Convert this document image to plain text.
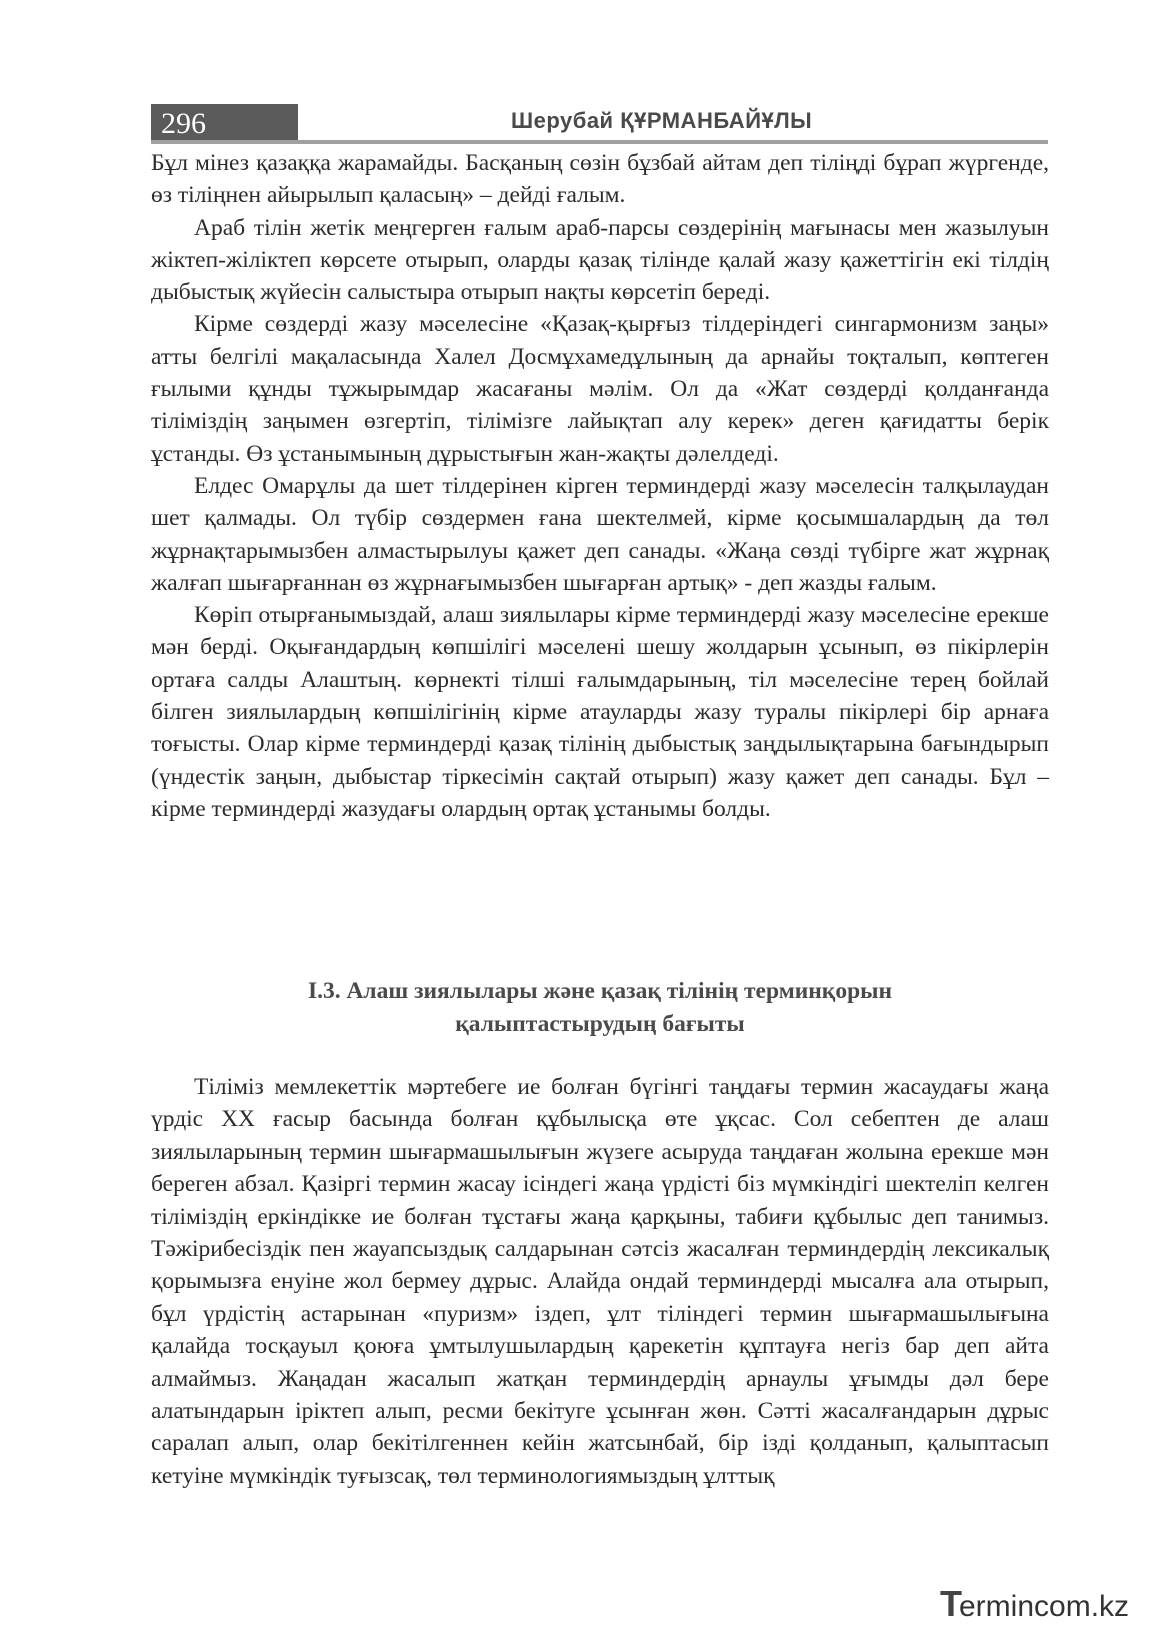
296	Шерубай ҚҰРМАНБАЙҰЛЫ

Бұл мінез қазаққа жарамайды. Басқаның сөзін бұзбай айтам деп тіліңді бұрап жүргенде, өз тіліңнен айырылып қаласың» – дейді ғалым.

Араб тілін жетік меңгерген ғалым араб-парсы сөздерінің мағынасы мен жазылуын жіктеп-жіліктеп көрсете отырып, оларды қазақ тілінде қалай жазу қажеттігін екі тілдің дыбыстық жүйесін салыстыра отырып нақты көрсетіп береді.

Кірме сөздерді жазу мәселесіне «Қазақ-қырғыз тілдеріндегі сингармонизм заңы» атты белгілі мақаласында Халел Досмұхамедұлының да арнайы тоқталып, көптеген ғылыми құнды тұжырымдар жасағаны мәлім. Ол да «Жат сөздерді қолданғанда тіліміздің заңымен өзгертіп, тілімізге лайықтап алу керек» деген қағидатты берік ұстанды. Өз ұстанымының дұрыстығын жан-жақты дәлелдеді.

Елдес Омарұлы да шет тілдерінен кірген терминдерді жазу мәселесін талқылаудан шет қалмады. Ол түбір сөздермен ғана шектелмей, кірме қосымшалардың да төл жұрнақтарымызбен алмастырылуы қажет деп санады. «Жаңа сөзді түбірге жат жұрнақ жалғап шығарғаннан өз жұрнағымызбен шығарған артық» - деп жазды ғалым.

Көріп отырғанымыздай, алаш зиялылары кірме терминдерді жазу мәселесіне ерекше мән берді. Оқығандардың көпшілігі мәселені шешу жолдарын ұсынып, өз пікірлерін ортаға салды Алаштың. көрнекті тілші ғалымдарының, тіл мәселесіне терең бойлай білген зиялылардың көпшілігінің кірме атауларды жазу туралы пікірлері бір арнаға тоғысты. Олар кірме терминдерді қазақ тілінің дыбыстық заңдылықтарына бағындырып (үндестік заңын, дыбыстар тіркесімін сақтай отырып) жазу қажет деп санады. Бұл – кірме терминдерді жазудағы олардың ортақ ұстанымы болды.

І.3. Алаш зиялылары және қазақ тілінің терминқорын
қалыптастырудың бағыты

Тіліміз мемлекеттік мәртебеге ие болған бүгінгі таңдағы термин жасаудағы жаңа үрдіс ХХ ғасыр басында болған құбылысқа өте ұқсас. Сол себептен де алаш зиялыларының термин шығармашылығын жүзеге асыруда таңдаған жолына ерекше мән береген абзал. Қазіргі термин жасау ісіндегі жаңа үрдісті біз мүмкіндігі шектеліп келген тіліміздің еркіндікке ие болған тұстағы жаңа қарқыны, табиғи құбылыс деп танимыз. Тәжірибесіздік пен жауапсыздық салдарынан сәтсіз жасалған терминдердің лексикалық қорымызға енуіне жол бермеу дұрыс. Алайда ондай терминдерді мысалға ала отырып, бұл үрдістің астарынан «пуризм» іздеп, ұлт тіліндегі термин шығармашылығына қалайда тосқауыл қоюға ұмтылушылардың қарекетін құптауға негіз бар деп айта алмаймыз. Жаңадан жасалып жатқан терминдердің арнаулы ұғымды дәл бере алатындарын іріктеп алып, ресми бекітуге ұсынған жөн. Сәтті жасалғандарын дұрыс саралап алып, олар бекітілгеннен кейін жатсынбай, бір ізді қолданып, қалыптасып кетуіне мүмкіндік туғызсақ, төл терминологиямыздың ұлттық

Termincom.kz
